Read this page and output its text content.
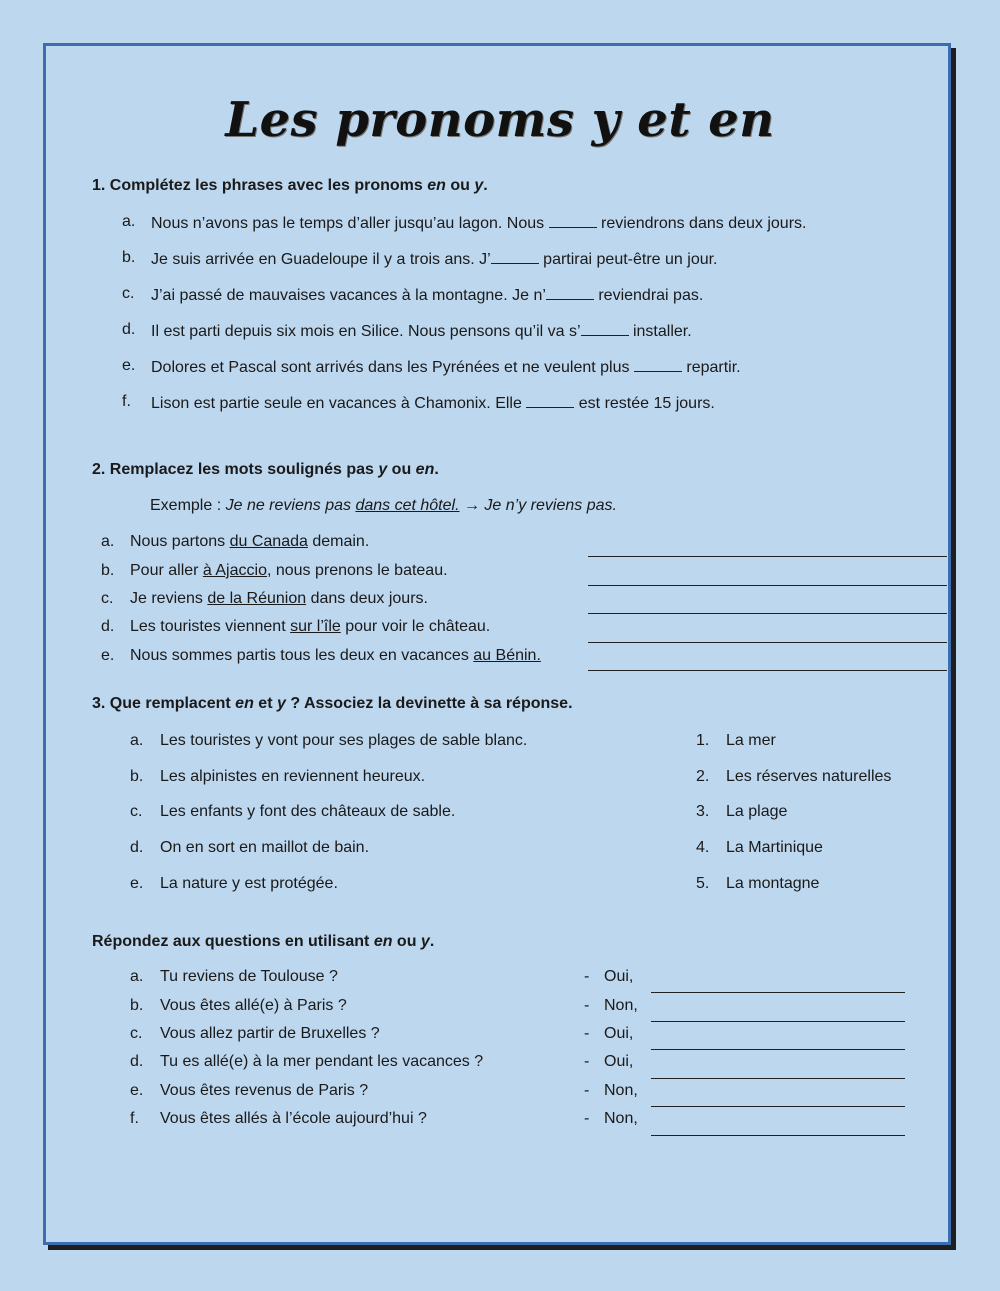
Les pronoms y et en
1. Complétez les phrases avec les pronoms en ou y.
a. Nous n’avons pas le temps d’aller jusqu’au lagon. Nous	reviendrons dans deux jours.
b. Je suis arrivée en Guadeloupe il y a trois ans. J’	partirai peut-être un jour.
c. J’ai passé de mauvaises vacances à la montagne. Je n’	reviendrai pas.
d. Il est parti depuis six mois en Silice. Nous pensons qu’il va s’	installer.
e. Dolores et Pascal sont arrivés dans les Pyrénées et ne veulent plus	repartir.
f. Lison est partie seule en vacances à Chamonix. Elle	est restée 15 jours.
2. Remplacez les mots soulignés pas y ou en.
Exemple : Je ne reviens pas dans cet hôtel. → Je n’y reviens pas.
a. Nous partons du Canada demain.
b. Pour aller à Ajaccio, nous prenons le bateau.
c. Je reviens de la Réunion dans deux jours.
d. Les touristes viennent sur l’île pour voir le château.
e. Nous sommes partis tous les deux en vacances au Bénin.
3. Que remplacent en et y ? Associez la devinette à sa réponse.
a. Les touristes y vont pour ses plages de sable blanc.
b. Les alpinistes en reviennent heureux.
c. Les enfants y font des châteaux de sable.
d. On en sort en maillot de bain.
e. La nature y est protégée.
1. La mer
2. Les réserves naturelles
3. La plage
4. La Martinique
5. La montagne
Répondez aux questions en utilisant en ou y.
a. Tu reviens de Toulouse ?	- Oui,
b. Vous êtes allé(e) à Paris ?	- Non,
c. Vous allez partir de Bruxelles ?	- Oui,
d. Tu es allé(e) à la mer pendant les vacances ?	- Oui,
e. Vous êtes revenus de Paris ?	- Non,
f. Vous êtes allés à l’école aujourd’hui ?	- Non,
